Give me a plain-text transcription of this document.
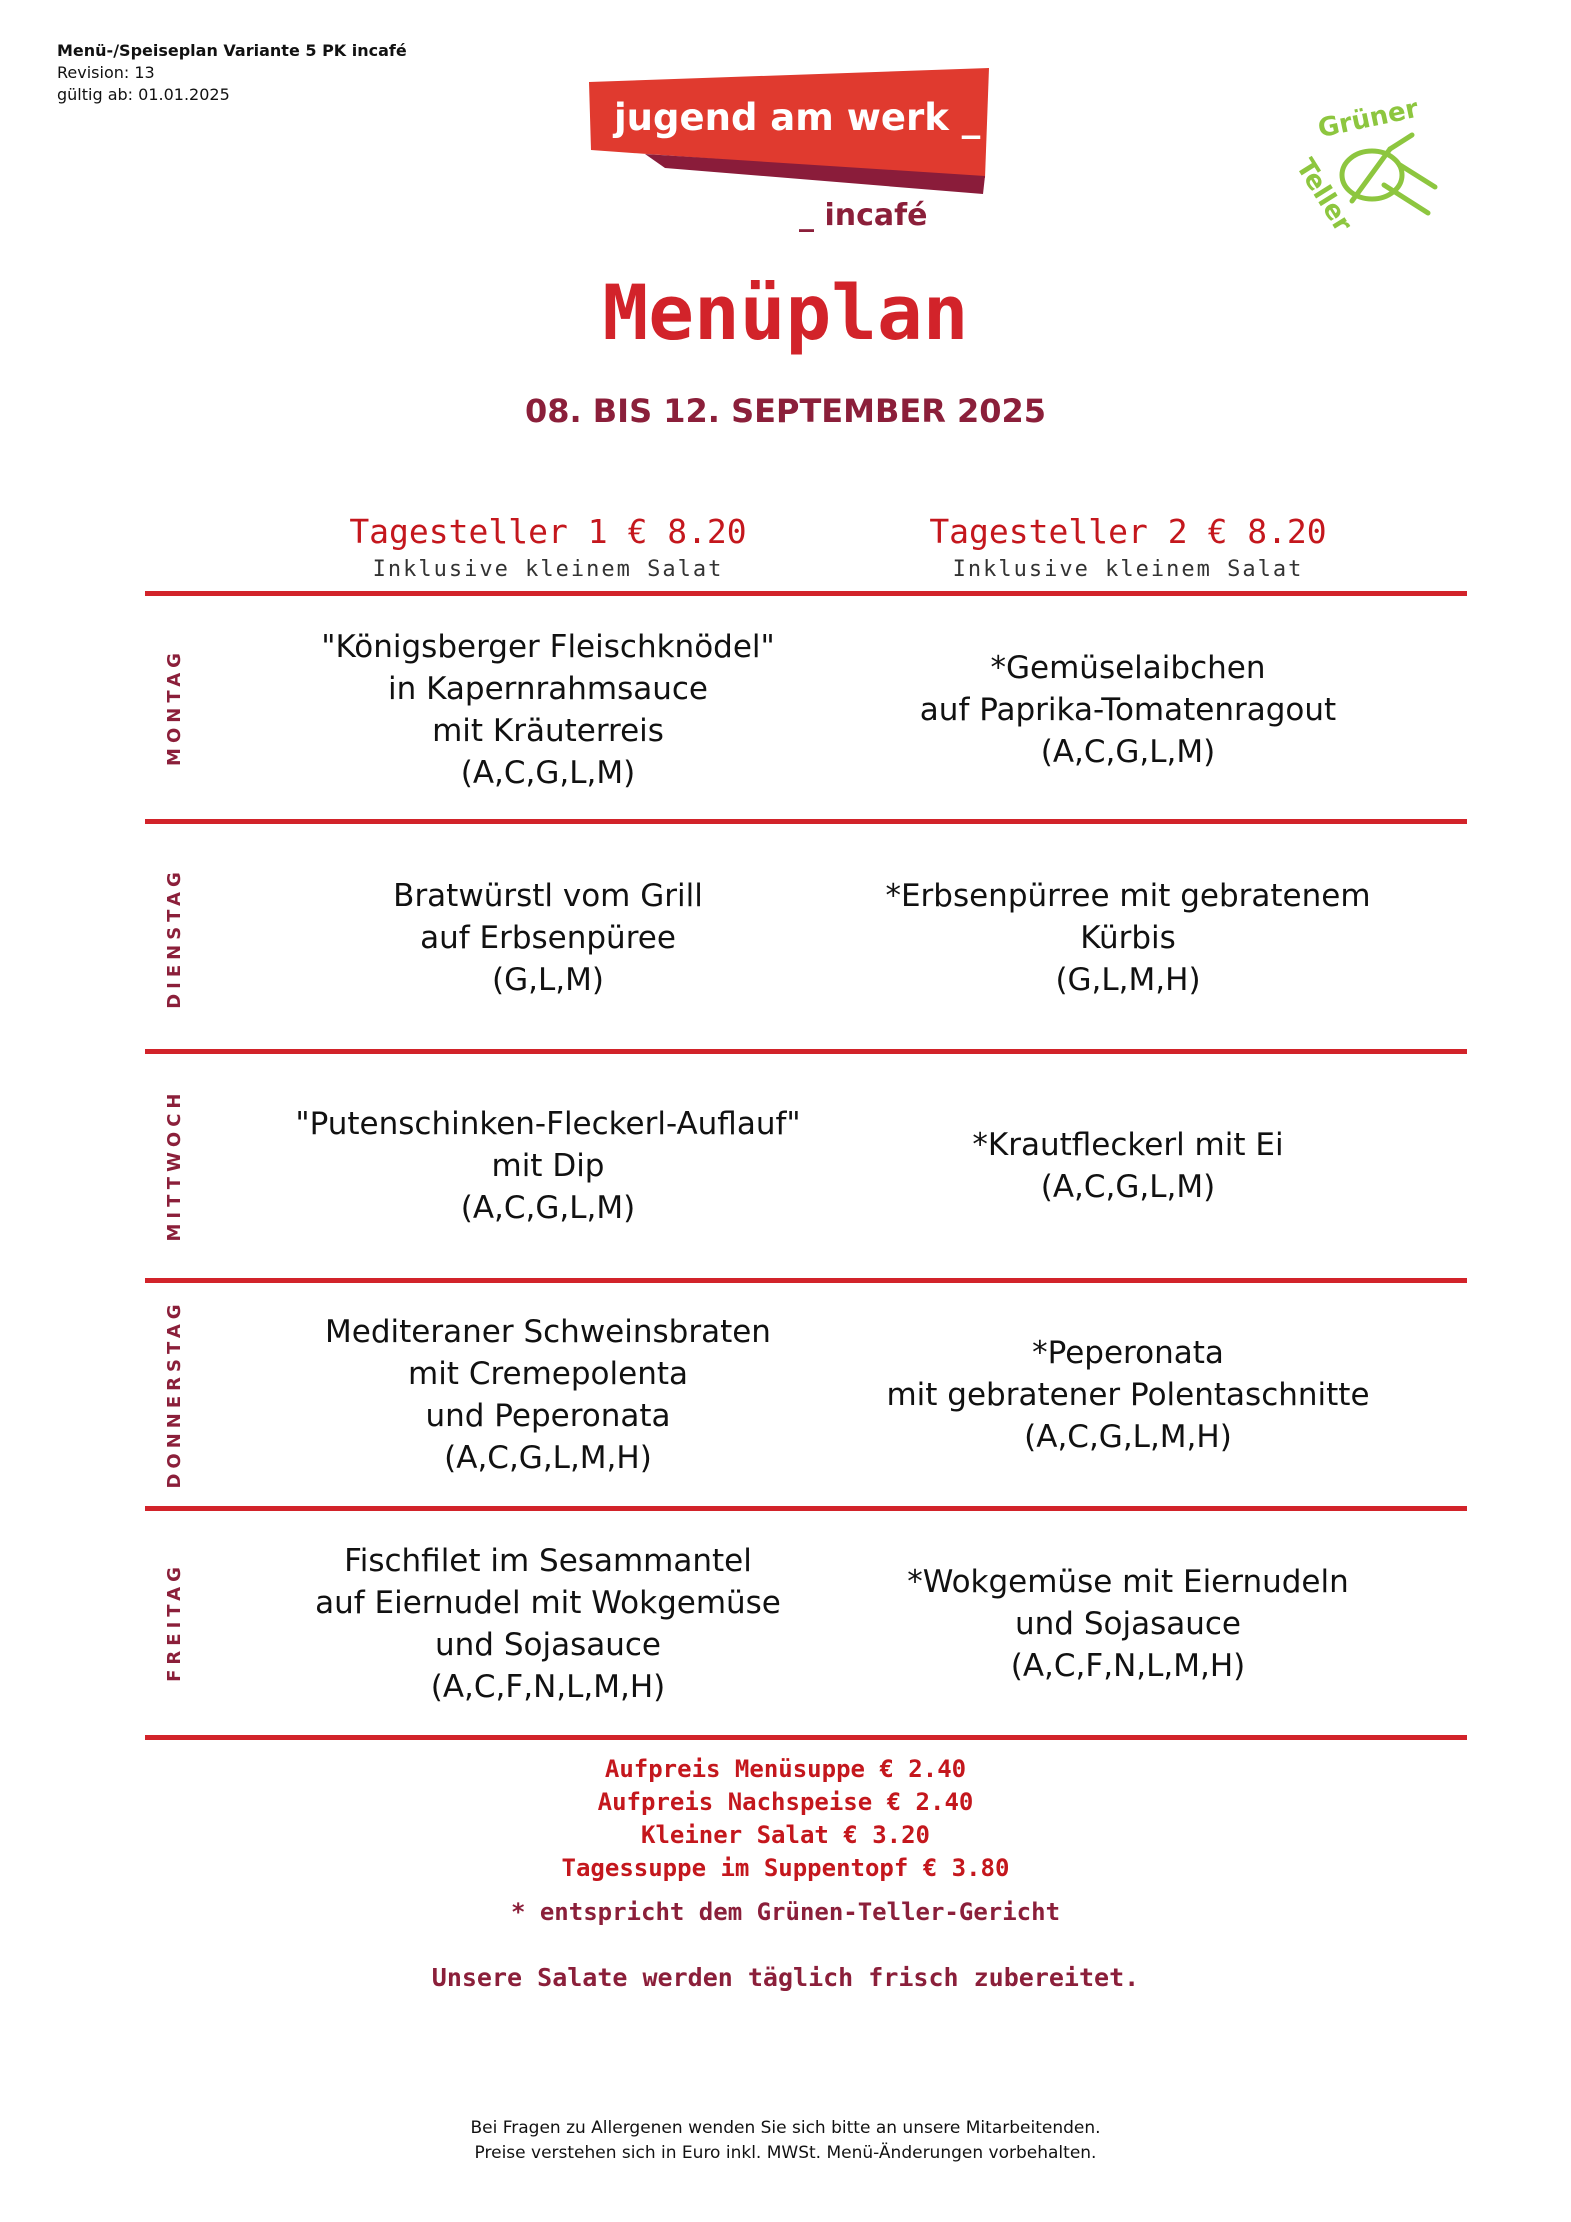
Menü-/Speiseplan Variante 5 PK incafé
Revision: 13
gültig ab: 01.01.2025
jugend am werk _
_ incafé
Grüner
Teller
Menüplan
08. BIS 12. SEPTEMBER 2025
Tagesteller 1 € 8.20
Inklusive kleinem Salat
Tagesteller 2 € 8.20
Inklusive kleinem Salat
MONTAG
DIENSTAG
MITTWOCH
DONNERSTAG
FREITAG
"Königsberger Fleischknödel"
in Kapernrahmsauce
mit Kräuterreis
(A,C,G,L,M)
*Gemüselaibchen
auf Paprika-Tomatenragout
(A,C,G,L,M)
Bratwürstl vom Grill
auf Erbsenpüree
(G,L,M)
*Erbsenpürree mit gebratenem
Kürbis
(G,L,M,H)
"Putenschinken-Fleckerl-Auflauf"
mit Dip
(A,C,G,L,M)
*Krautfleckerl mit Ei
(A,C,G,L,M)
Mediteraner Schweinsbraten
mit Cremepolenta
und Peperonata
(A,C,G,L,M,H)
*Peperonata
mit gebratener Polentaschnitte
(A,C,G,L,M,H)
Fischfilet im Sesammantel
auf Eiernudel mit Wokgemüse
und Sojasauce
(A,C,F,N,L,M,H)
*Wokgemüse mit Eiernudeln
und Sojasauce
(A,C,F,N,L,M,H)
Aufpreis Menüsuppe € 2.40
Aufpreis Nachspeise € 2.40
Kleiner Salat € 3.20
Tagessuppe im Suppentopf € 3.80
* entspricht dem Grünen-Teller-Gericht
Unsere Salate werden täglich frisch zubereitet.
Bei Fragen zu Allergenen wenden Sie sich bitte an unsere Mitarbeitenden.
Preise verstehen sich in Euro inkl. MWSt. Menü-Änderungen vorbehalten.
